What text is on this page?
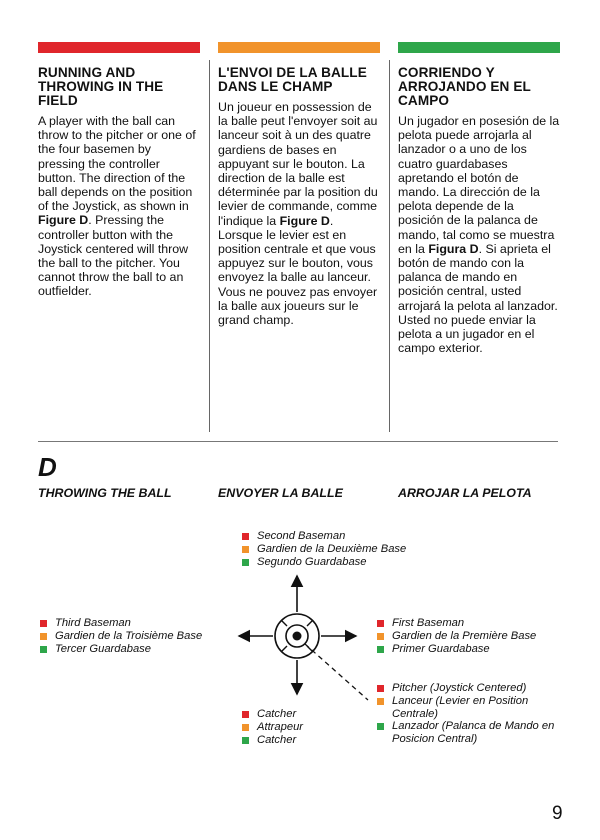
RUNNING AND THROWING IN THE FIELD
A player with the ball can throw to the pitcher or one of the four basemen by pressing the controller button. The direction of the ball depends on the position of the Joystick, as shown in Figure D. Pressing the controller button with the Joystick centered will throw the ball to the pitcher. You cannot throw the ball to an outfielder.
L'ENVOI DE LA BALLE DANS LE CHAMP
Un joueur en possession de la balle peut l'envoyer soit au lanceur soit à un des quatre gardiens de bases en appuyant sur le bouton. La direction de la balle est déterminée par la position du levier de commande, comme l'indique la Figure D. Lorsque le levier est en position centrale et que vous appuyez sur le bouton, vous envoyez la balle au lanceur. Vous ne pouvez pas envoyer la balle aux joueurs sur le grand champ.
CORRIENDO Y ARROJANDO EN EL CAMPO
Un jugador en posesión de la pelota puede arrojarla al lanzador o a uno de los cuatro guardabases apretando el botón de mando. La dirección de la pelota depende de la posición de la palanca de mando, tal como se muestra en la Figura D. Si aprieta el botón de mando con la palanca de mando en posición central, usted arrojará la pelota al lanzador. Usted no puede enviar la pelota a un jugador en el campo exterior.
D
THROWING THE BALL	ENVOYER LA BALLE	ARROJAR LA PELOTA
Second Baseman
Gardien de la Deuxième Base
Segundo Guardabase
Third Baseman
Gardien de la Troisième Base
Tercer Guardabase
First Baseman
Gardien de la Première Base
Primer Guardabase
Catcher
Attrapeur
Catcher
Pitcher (Joystick Centered)
Lanceur (Levier en Position Centrale)
Lanzador (Palanca de Mando en Posicion Central)
9
